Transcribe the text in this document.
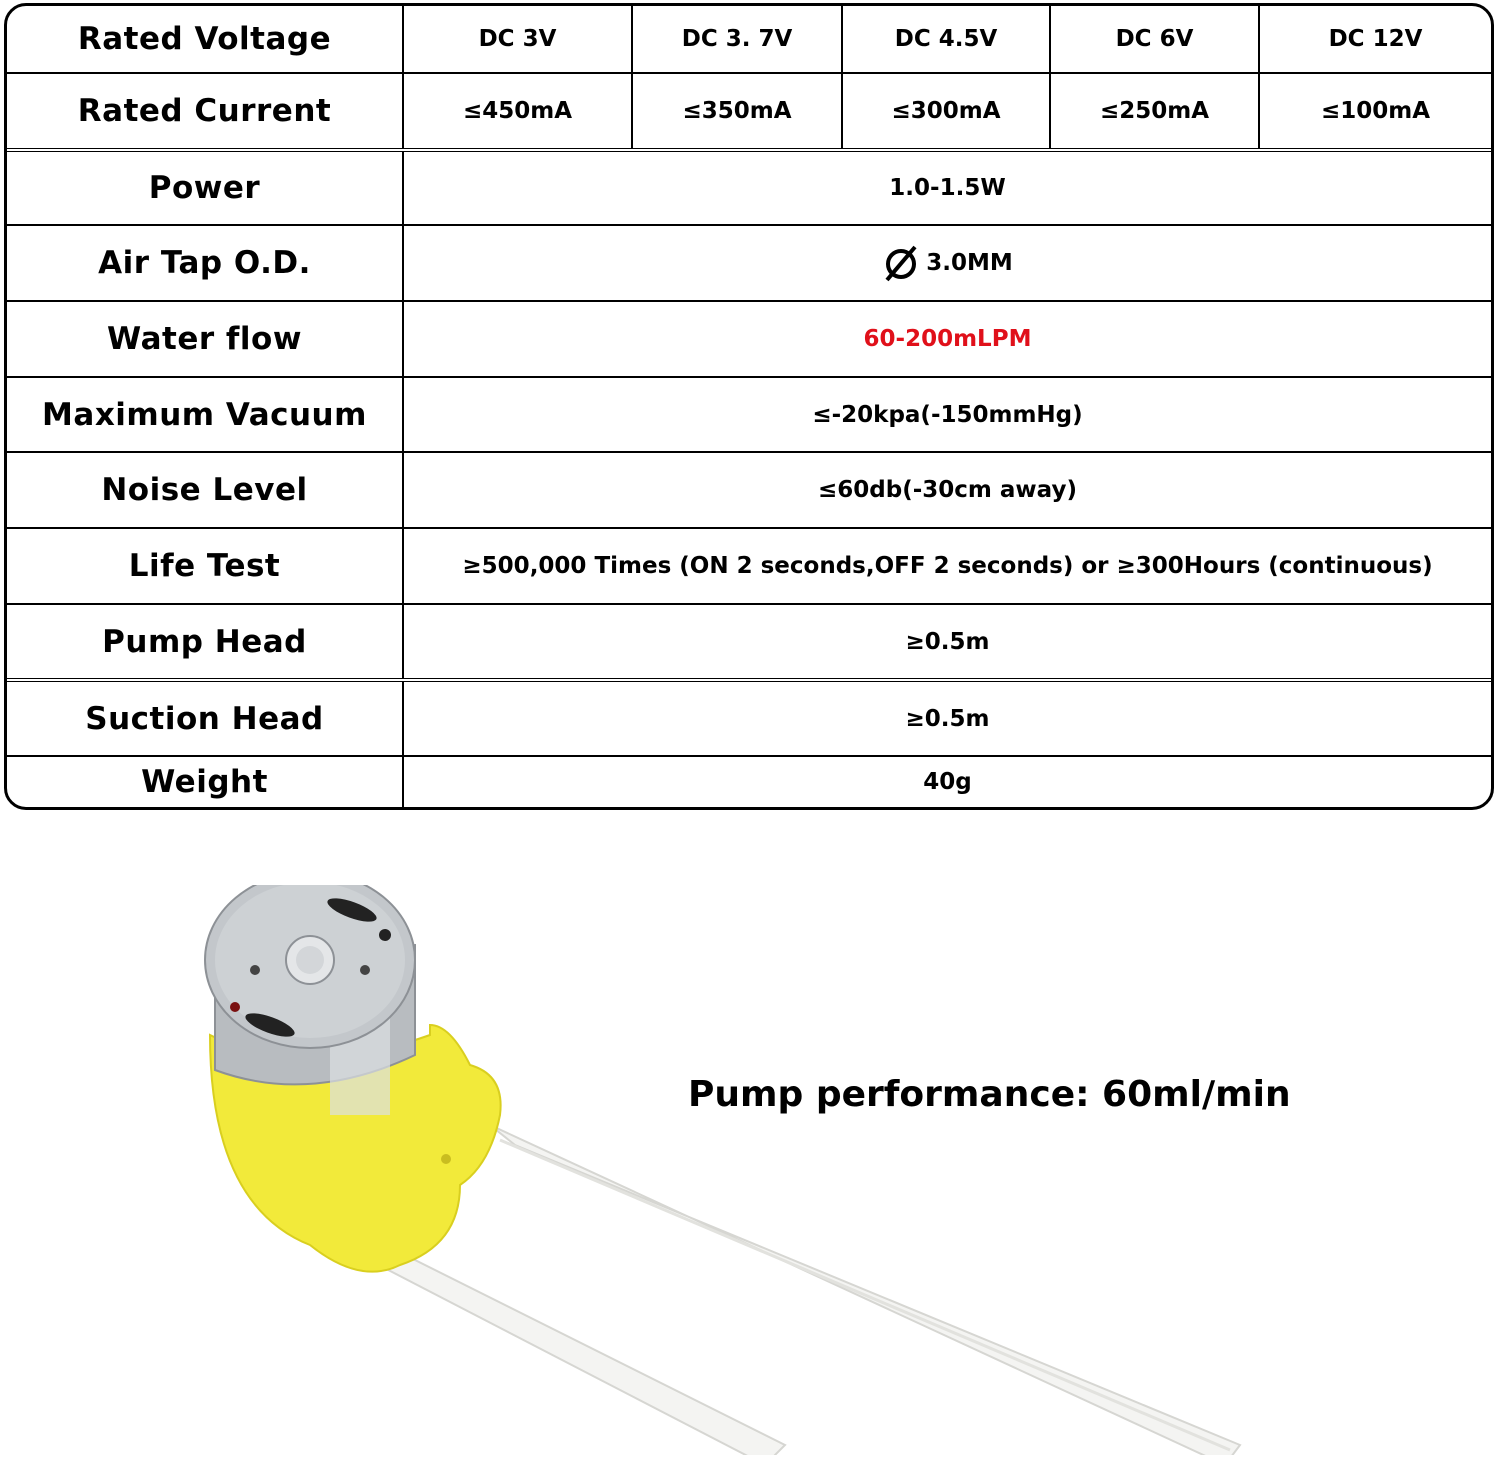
Rated Voltage	DC 3V	DC 3. 7V	DC 4.5V	DC 6V	DC 12V
Rated Current	≤450mA	≤350mA	≤300mA	≤250mA	≤100mA
Power	1.0-1.5W
Air Tap O.D.	3.0MM
Water flow	60-200mLPM
Maximum Vacuum	≤-20kpa(-150mmHg)
Noise Level	≤60db(-30cm away)
Life Test	≥500,000 Times (ON 2 seconds,OFF 2 seconds) or ≥300Hours (continuous)
Pump Head	≥0.5m
Suction Head	≥0.5m
Weight	40g
Pump performance: 60ml/min
